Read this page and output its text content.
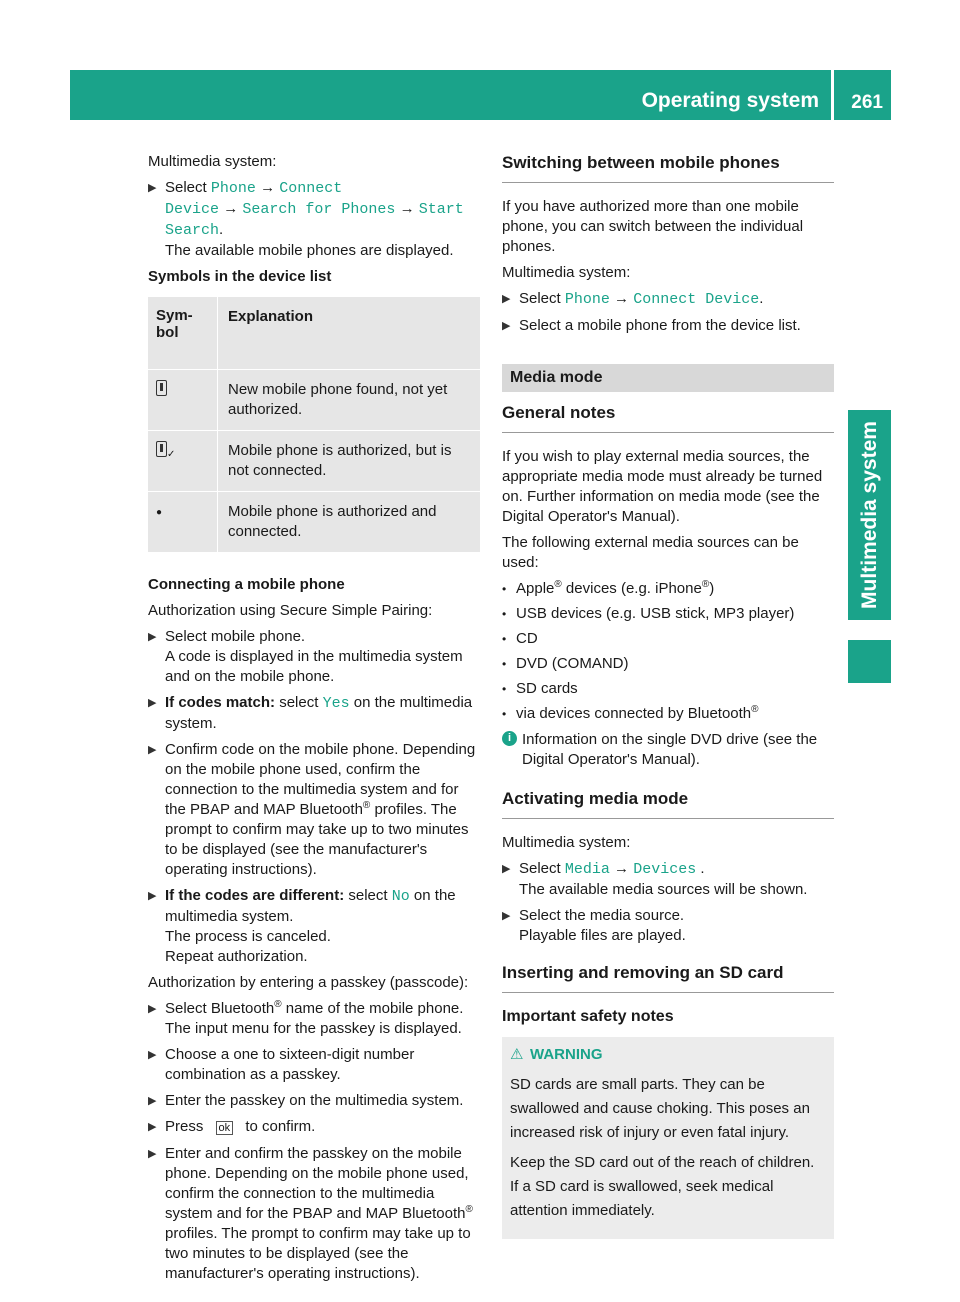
Operating system 261
Multimedia system

Multimedia system:

▶ Select Phone → Connect
Device → Search for Phones → Start
Search.
The available mobile phones are displayed.

Symbols in the device list

Sym-
bol
Explanation
New mobile phone found, not yet authorized.
✓	Mobile phone is authorized, but is not connected.
●	Mobile phone is authorized and connected.

Connecting a mobile phone

Authorization using Secure Simple Pairing:

▶ Select mobile phone.
A code is displayed in the multimedia system and on the mobile phone.
▶ If codes match: select Yes on the multimedia system.
▶ Confirm code on the mobile phone. Depending on the mobile phone used, confirm the connection to the multimedia system and for the PBAP and MAP Bluetooth® profiles. The prompt to confirm may take up to two minutes to be displayed (see the manufacturer's operating instructions).
▶ If the codes are different: select No on the multimedia system.
The process is canceled.
Repeat authorization.

Authorization by entering a passkey (passcode):

▶ Select Bluetooth® name of the mobile phone. The input menu for the passkey is displayed.
▶ Choose a one to sixteen-digit number combination as a passkey.
▶ Enter the passkey on the multimedia system.
▶ Press ok to confirm.
▶ Enter and confirm the passkey on the mobile phone. Depending on the mobile phone used, confirm the connection to the multimedia system and for the PBAP and MAP Bluetooth® profiles. The prompt to confirm may take up to two minutes to be displayed (see the manufacturer's operating instructions).
Switching between mobile phones

If you have authorized more than one mobile phone, you can switch between the individual phones.

Multimedia system:

▶ Select Phone → Connect Device.
▶ Select a mobile phone from the device list.
Media mode
General notes

If you wish to play external media sources, the appropriate media mode must already be turned on. Further information on media mode (see the Digital Operator's Manual).

The following external media sources can be used:

• Apple® devices (e.g. iPhone®)
• USB devices (e.g. USB stick, MP3 player)
• CD
• DVD (COMAND)
• SD cards
• via devices connected by Bluetooth®
i Information on the single DVD drive (see the Digital Operator's Manual).
Activating media mode

Multimedia system:

▶ Select Media → Devices .
The available media sources will be shown.
▶ Select the media source.
Playable files are played.
Inserting and removing an SD card

Important safety notes

⚠ WARNING

SD cards are small parts. They can be swallowed and cause choking. This poses an increased risk of injury or even fatal injury.

Keep the SD card out of the reach of children. If a SD card is swallowed, seek medical attention immediately.
